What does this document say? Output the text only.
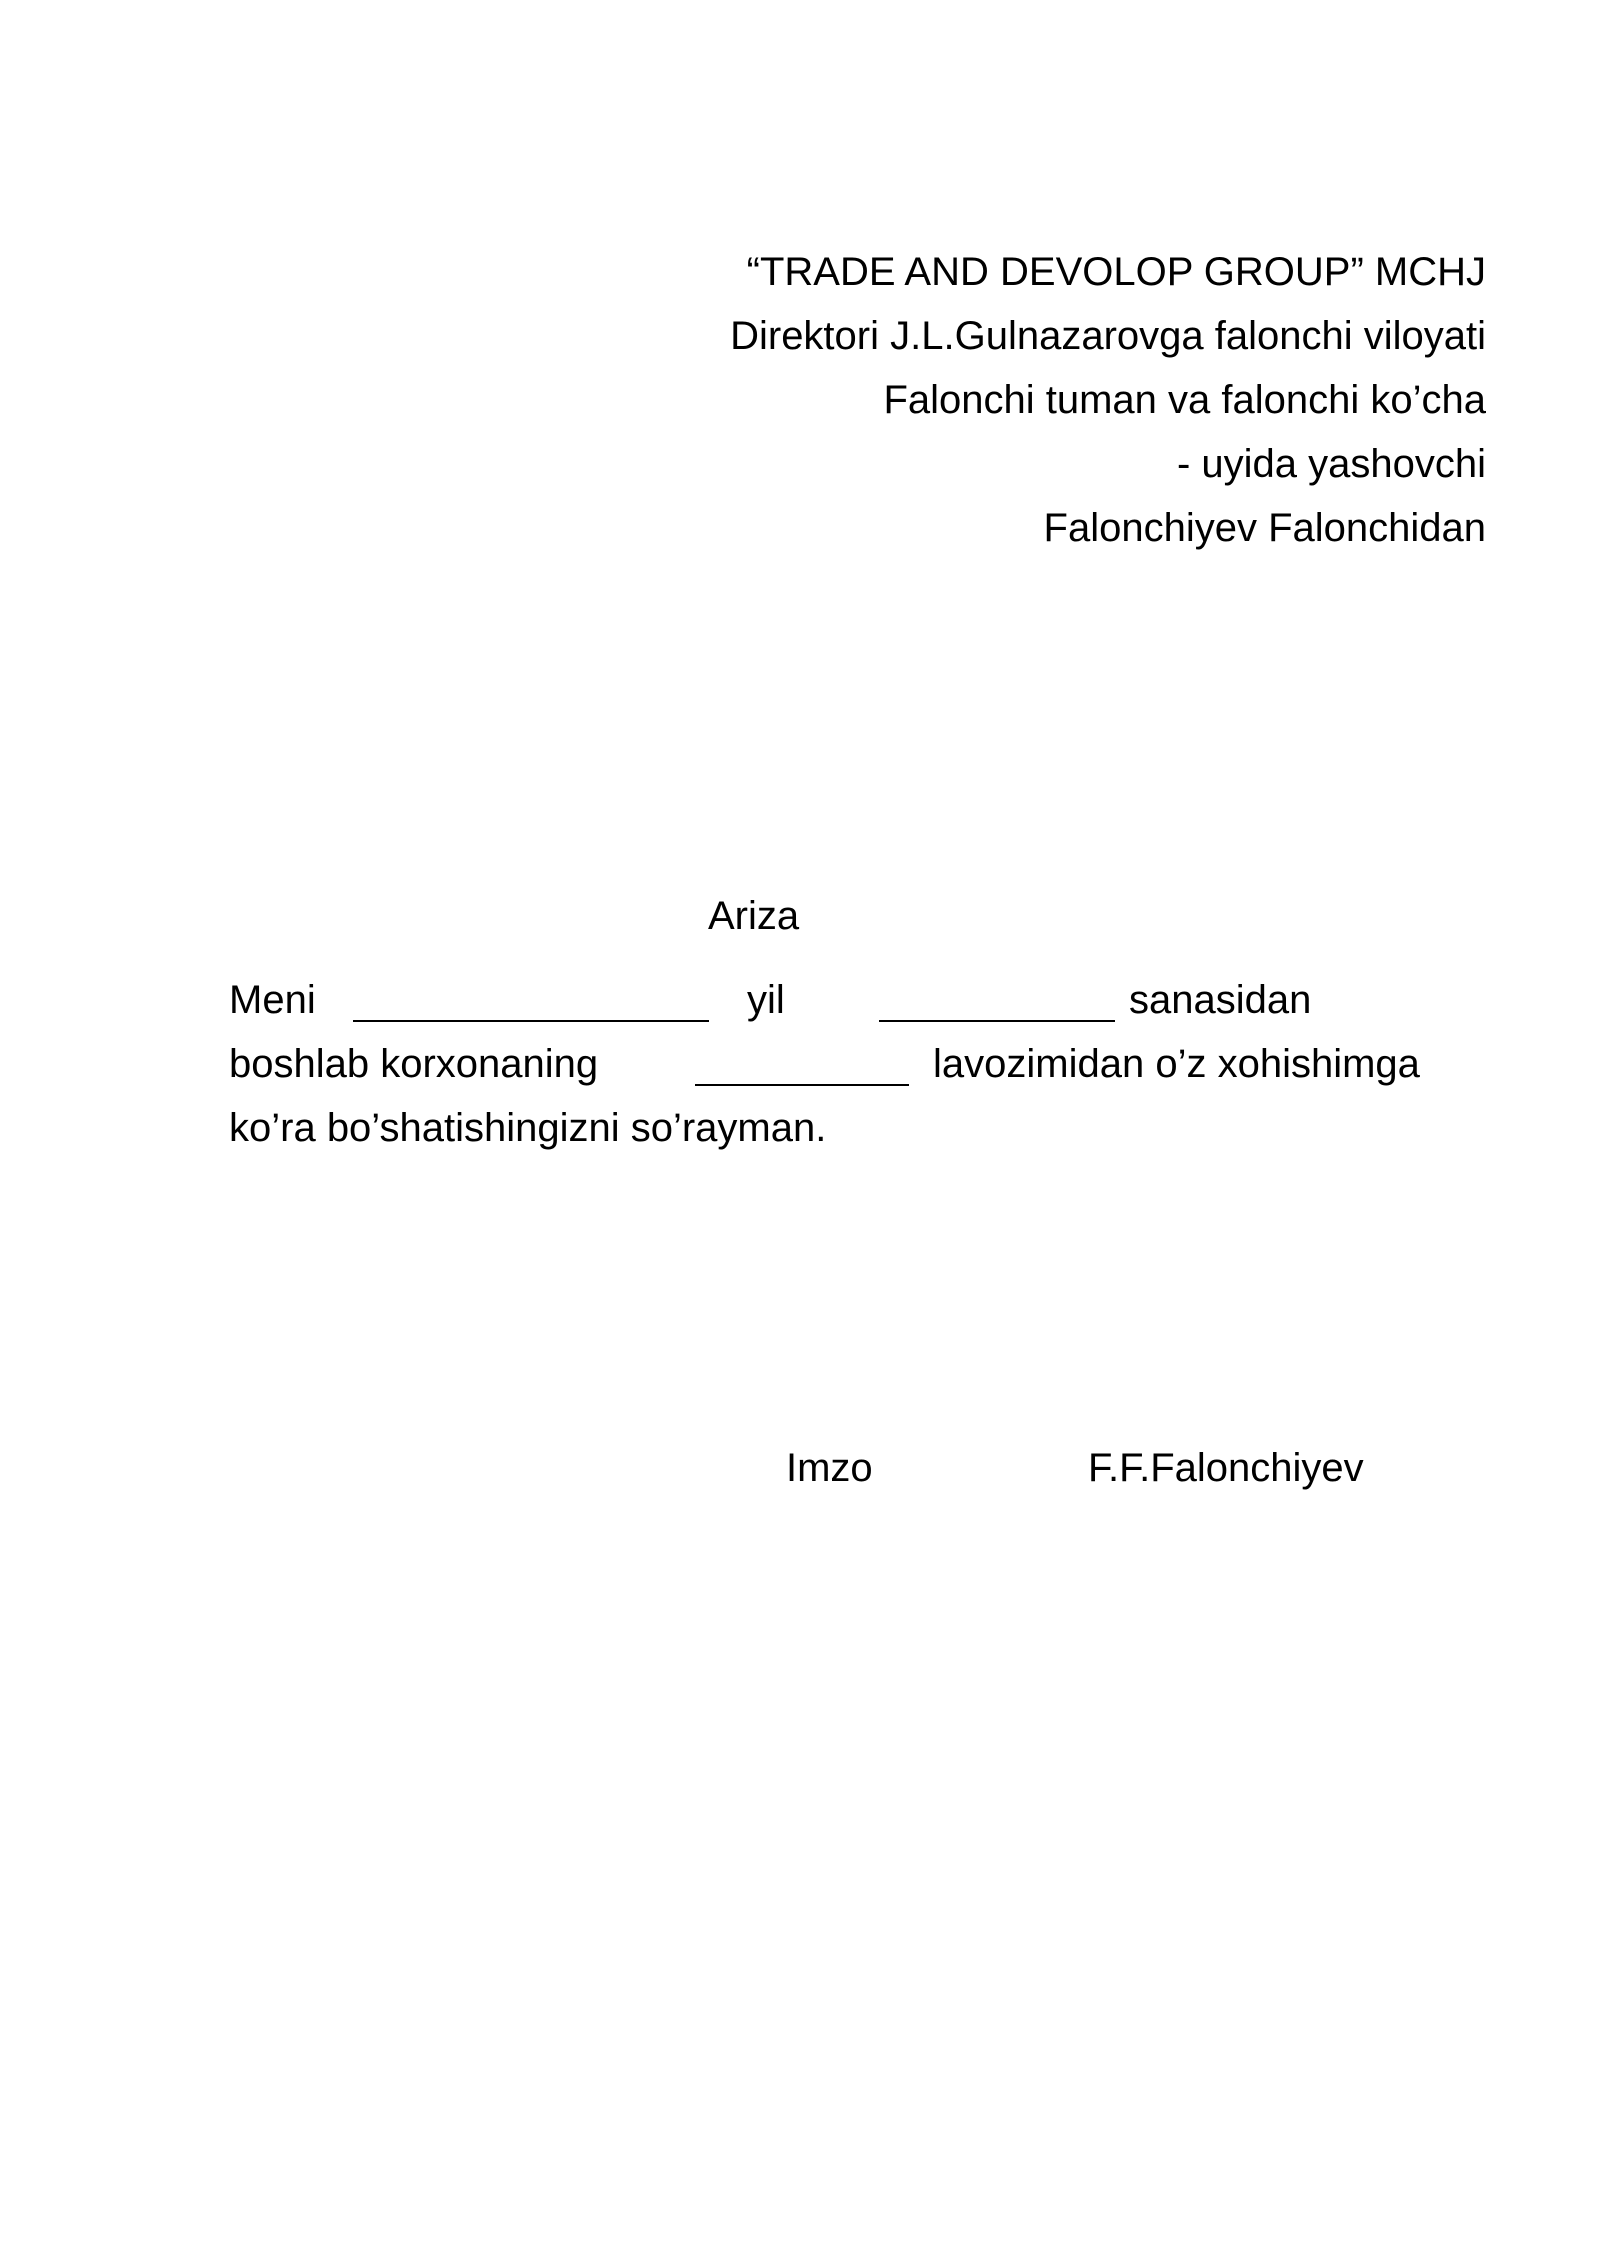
“TRADE AND DEVOLOP GROUP” MCHJ
Direktori J.L.Gulnazarovga falonchi viloyati
Falonchi tuman va falonchi ko’cha
- uyida yashovchi
Falonchiyev Falonchidan
Ariza
Meni	yil	sanasidan
boshlab korxonaning	lavozimidan o’z xohishimga
ko’ra bo’shatishingizni so’rayman.
Imzo	F.F.Falonchiyev
